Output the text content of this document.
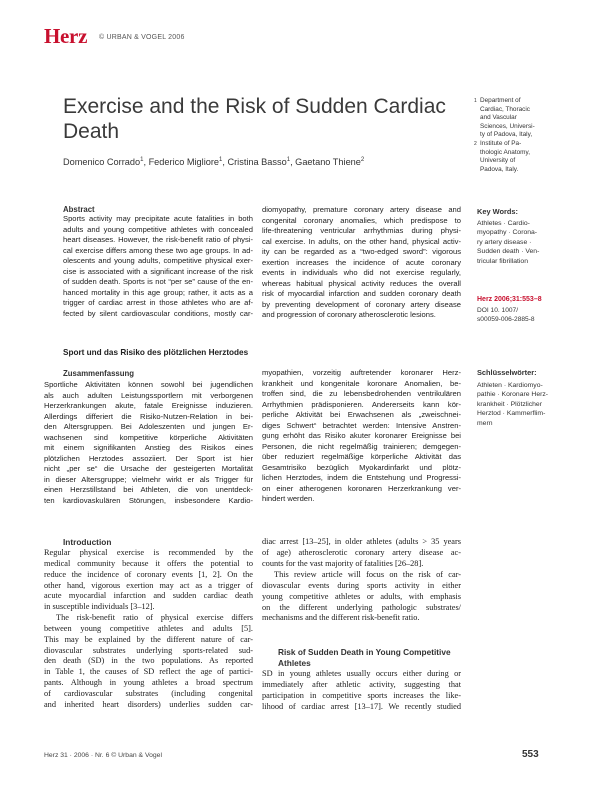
Herz © URBAN & VOGEL 2006
Exercise and the Risk of Sudden Cardiac Death
Domenico Corrado$^1$, Federico Migliore$^1$, Cristina Basso$^1$, Gaetano Thiene$^2$
1 Department of
Cardiac, Thoracic
and Vascular
Sciences, Universi-
ty of Padova, Italy,
2 Institute of Pa-
thologic Anatomy,
University of
Padova, Italy.
Abstract
Sports activity may precipitate acute fatalities in both
adults and young competitive athletes with concealed
heart diseases. However, the risk-benefit ratio of physi-
cal exercise differs among these two age groups. In ad-
olescents and young adults, competitive physical exer-
cise is associated with a significant increase of the risk
of sudden death. Sports is not “per se” cause of the en-
hanced mortality in this age group; rather, it acts as a
trigger of cardiac arrest in those athletes who are af-
fected by silent cardiovascular conditions, mostly car-
diomyopathy, premature coronary artery disease and
congenital coronary anomalies, which predispose to
life-threatening ventricular arrhythmias during physi-
cal exercise. In adults, on the other hand, physical activ-
ity can be regarded as a “two-edged sword”: vigorous
exertion increases the incidence of acute coronary
events in individuals who did not exercise regularly,
whereas habitual physical activity reduces the overall
risk of myocardial infarction and sudden coronary death
by preventing development of coronary artery disease
and progression of coronary atherosclerotic lesions.
Key Words:
Athletes · Cardio-
myopathy · Corona-
ry artery disease ·
Sudden death · Ven-
tricular fibrillation
Herz 2006;31:553–8
DOI 10. 1007/
s00059-006-2885-8
Sport und das Risiko des plötzlichen Herztodes
Zusammenfassung
Sportliche Aktivitäten können sowohl bei jugendlichen
als auch adulten Leistungssportlern mit verborgenen
Herzerkrankungen akute, fatale Ereignisse induzieren.
Allerdings differiert die Risiko-Nutzen-Relation in bei-
den Altersgruppen. Bei Adoleszenten und jungen Er-
wachsenen sind kompetitive körperliche Aktivitäten
mit einem signifikanten Anstieg des Risikos eines
plötzlichen Herztodes assoziiert. Der Sport ist hier
nicht „per se“ die Ursache der gesteigerten Mortalität
in dieser Altersgruppe; vielmehr wirkt er als Trigger für
einen Herzstillstand bei Athleten, die von unentdeck-
ten kardiovaskulären Störungen, insbesondere Kardio-
myopathien, vorzeitig auftretender koronarer Herz-
krankheit und kongenitale koronare Anomalien, be-
troffen sind, die zu lebensbedrohenden ventrikulären
Arrhythmien prädisponieren. Andererseits kann kör-
perliche Aktivität bei Erwachsenen als „zweischnei-
diges Schwert“ betrachtet werden: Intensive Anstren-
gung erhöht das Risiko akuter koronarer Ereignisse bei
Personen, die nicht regelmäßig trainieren; demgegen-
über reduziert regelmäßige körperliche Aktivität das
Gesamtrisiko bezüglich Myokardinfarkt und plötz-
lichen Herztodes, indem die Entstehung und Progressi-
on einer atherogenen koronaren Herzerkrankung ver-
hindert werden.
Schlüsselwörter:
Athleten · Kardiomyo-
pathie · Koronare Herz-
krankheit · Plötzlicher
Herztod · Kammerflim-
mern
Introduction
Regular physical exercise is recommended by the
medical community because it offers the potential to
reduce the incidence of coronary events [1, 2]. On the
other hand, vigorous exertion may act as a trigger of
acute myocardial infarction and sudden cardiac death
in susceptible individuals [3–12].
The risk-benefit ratio of physical exercise differs
between young competitive athletes and adults [5].
This may be explained by the different nature of car-
diovascular substrates underlying sports-related sud-
den death (SD) in the two populations. As reported
in Table 1, the causes of SD reflect the age of partici-
pants. Although in young athletes a broad spectrum
of cardiovascular substrates (including congenital
and inherited heart disorders) underlies sudden car-
diac arrest [13–25], in older athletes (adults > 35 years
of age) atherosclerotic coronary artery disease ac-
counts for the vast majority of fatalities [26–28].
This review article will focus on the risk of car-
diovascular events during sports activity in either
young competitive athletes or adults, with emphasis
on the different underlying pathologic substrates/
mechanisms and the different risk-benefit ratio.
Risk of Sudden Death in Young Competitive
Athletes
SD in young athletes usually occurs either during or
immediately after athletic activity, suggesting that
participation in competitive sports increases the like-
lihood of cardiac arrest [13–17]. We recently studied
Herz 31 · 2006 · Nr. 6 © Urban & Vogel	553
